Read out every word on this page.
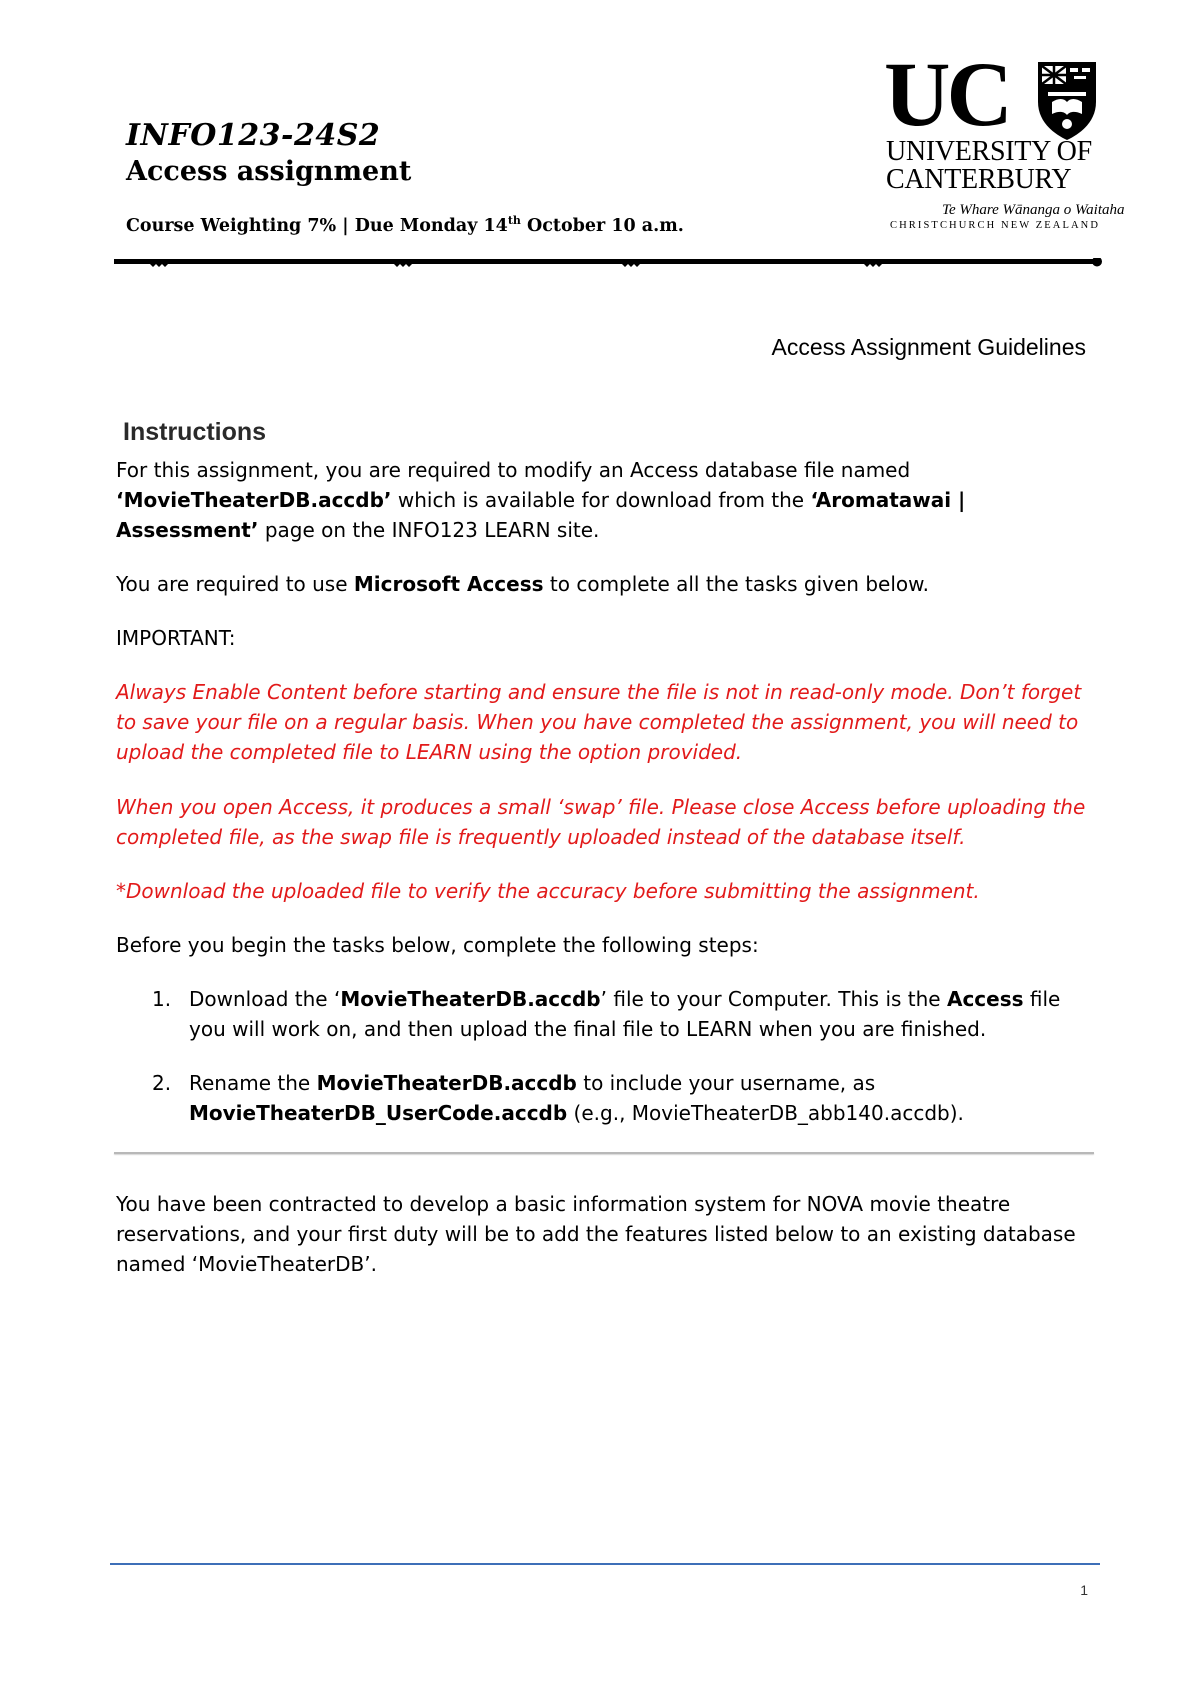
INFO123-24S2
Access assignment
Course Weighting 7% | Due Monday 14th October 10 a.m.
UC
UNIVERSITY OF
CANTERBURY
Te Whare Wānanga o Waitaha
CHRISTCHURCH NEW ZEALAND
Access Assignment Guidelines
Instructions

For this assignment, you are required to modify an Access database file named ‘MovieTheaterDB.accdb’ which is available for download from the ‘Aromatawai | Assessment’ page on the INFO123 LEARN site.

You are required to use Microsoft Access to complete all the tasks given below.

IMPORTANT:
Always Enable Content before starting and ensure the file is not in read-only mode. Don’t forget to save your file on a regular basis. When you have completed the assignment, you will need to upload the completed file to LEARN using the option provided.
When you open Access, it produces a small ‘swap’ file. Please close Access before uploading the completed file, as the swap file is frequently uploaded instead of the database itself.
*Download the uploaded file to verify the accuracy before submitting the assignment.
Before you begin the tasks below, complete the following steps:
1. Download the ‘MovieTheaterDB.accdb’ file to your Computer. This is the Access file you will work on, and then upload the final file to LEARN when you are finished.
2. Rename the MovieTheaterDB.accdb to include your username, as MovieTheaterDB_UserCode.accdb (e.g., MovieTheaterDB_abb140.accdb).
You have been contracted to develop a basic information system for NOVA movie theatre reservations, and your first duty will be to add the features listed below to an existing database named ‘MovieTheaterDB’.
1
